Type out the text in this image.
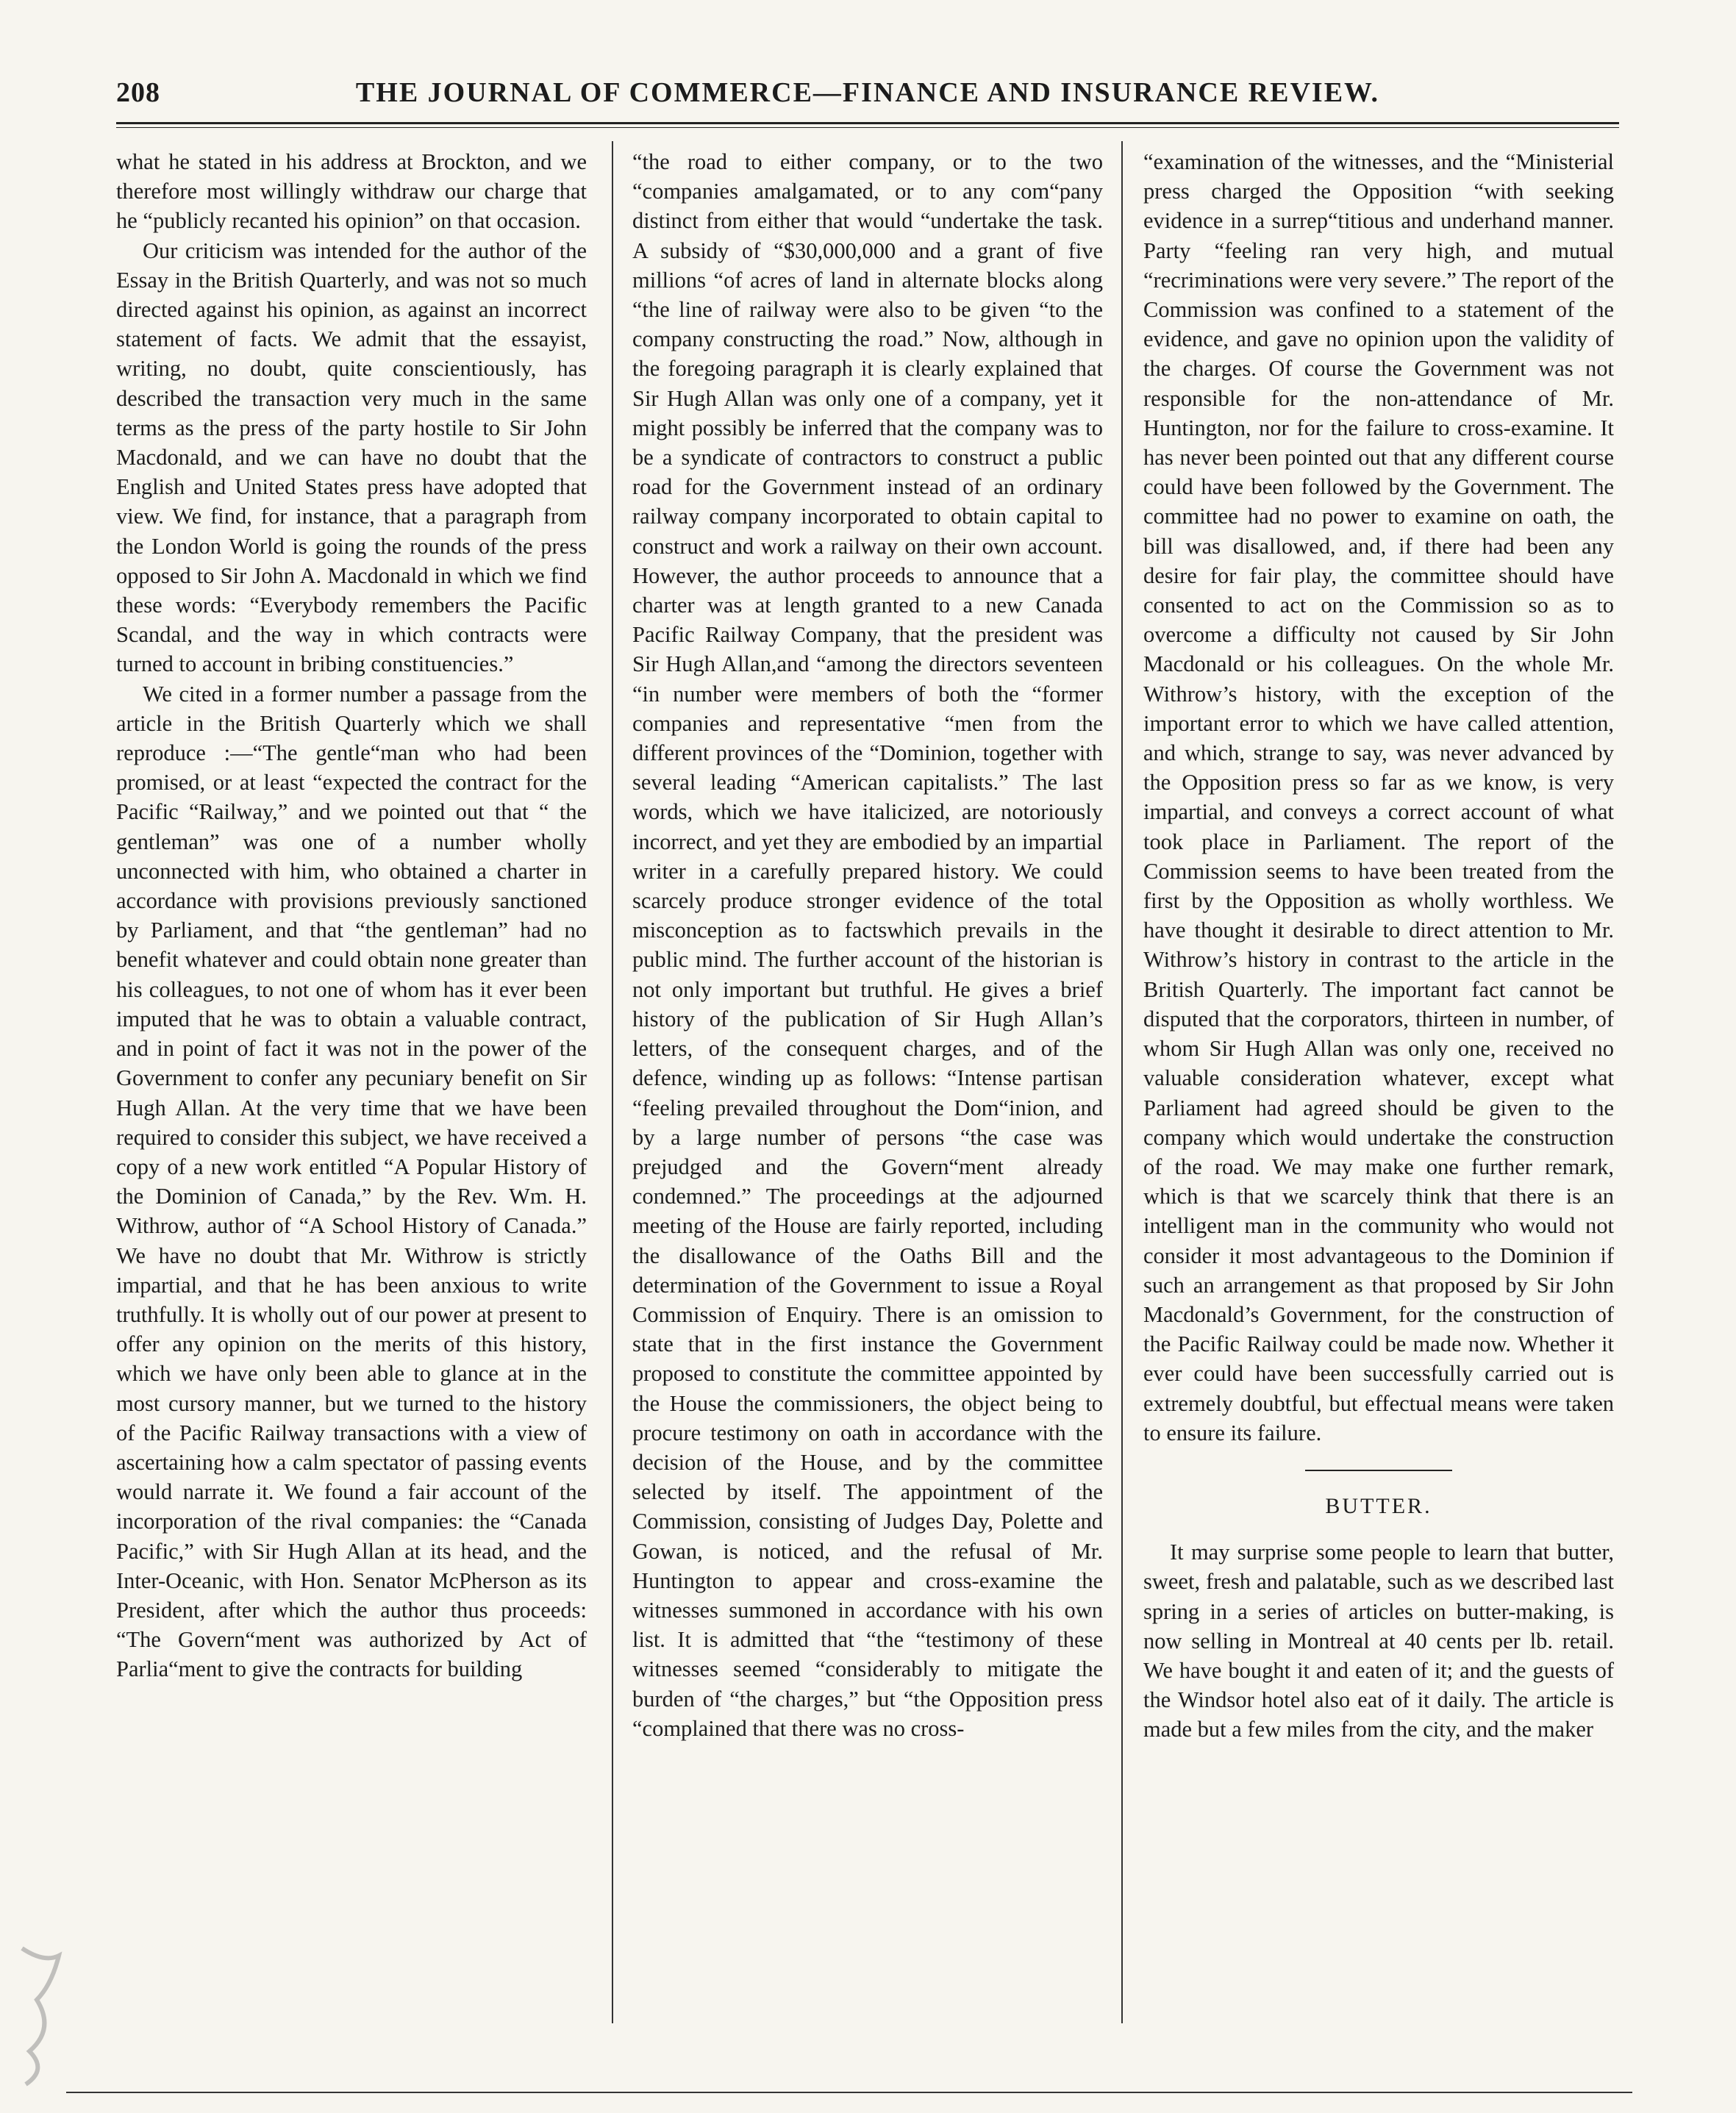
208	THE JOURNAL OF COMMERCE—FINANCE AND INSURANCE REVIEW.

what he stated in his address at Brockton, and we therefore most willingly withdraw our charge that he “publicly recanted his opinion” on that occasion.

Our criticism was intended for the author of the Essay in the British Quarterly, and was not so much directed against his opinion, as against an incorrect statement of facts. We admit that the essayist, writing, no doubt, quite conscientiously, has described the transaction very much in the same terms as the press of the party hostile to Sir John Macdonald, and we can have no doubt that the English and United States press have adopted that view. We find, for instance, that a paragraph from the London World is going the rounds of the press opposed to Sir John A. Macdonald in which we find these words: “Everybody remembers the Pacific Scandal, and the way in which contracts were turned to account in bribing constituencies.”

We cited in a former number a passage from the article in the British Quarterly which we shall reproduce :—“The gentle“man who had been promised, or at least “expected the contract for the Pacific “Railway,” and we pointed out that “ the gentleman” was one of a number wholly unconnected with him, who obtained a charter in accordance with provisions previously sanctioned by Parliament, and that “the gentleman” had no benefit whatever and could obtain none greater than his colleagues, to not one of whom has it ever been imputed that he was to obtain a valuable contract, and in point of fact it was not in the power of the Government to confer any pecuniary benefit on Sir Hugh Allan. At the very time that we have been required to consider this subject, we have received a copy of a new work entitled “A Popular History of the Dominion of Canada,” by the Rev. Wm. H. Withrow, author of “A School History of Canada.” We have no doubt that Mr. Withrow is strictly impartial, and that he has been anxious to write truthfully. It is wholly out of our power at present to offer any opinion on the merits of this history, which we have only been able to glance at in the most cursory manner, but we turned to the history of the Pacific Railway transactions with a view of ascertaining how a calm spectator of passing events would narrate it. We found a fair account of the incorporation of the rival companies: the “Canada Pacific,” with Sir Hugh Allan at its head, and the Inter-Oceanic, with Hon. Senator McPherson as its President, after which the author thus proceeds: “The Govern“ment was authorized by Act of Parlia“ment to give the contracts for building

“the road to either company, or to the two “companies amalgamated, or to any com“pany distinct from either that would “undertake the task. A subsidy of “$30,000,000 and a grant of five millions “of acres of land in alternate blocks along “the line of railway were also to be given “to the company constructing the road.” Now, although in the foregoing paragraph it is clearly explained that Sir Hugh Allan was only one of a company, yet it might possibly be inferred that the company was to be a syndicate of contractors to construct a public road for the Government instead of an ordinary railway company incorporated to obtain capital to construct and work a railway on their own account. However, the author proceeds to announce that a charter was at length granted to a new Canada Pacific Railway Company, that the president was Sir Hugh Allan,and “among the directors seventeen “in number were members of both the “former companies and representative “men from the different provinces of the “Dominion, together with several leading “American capitalists.” The last words, which we have italicized, are notoriously incorrect, and yet they are embodied by an impartial writer in a carefully prepared history. We could scarcely produce stronger evidence of the total misconception as to factswhich prevails in the public mind. The further account of the historian is not only important but truthful. He gives a brief history of the publication of Sir Hugh Allan’s letters, of the consequent charges, and of the defence, winding up as follows: “Intense partisan “feeling prevailed throughout the Dom“inion, and by a large number of persons “the case was prejudged and the Govern“ment already condemned.” The proceedings at the adjourned meeting of the House are fairly reported, including the disallowance of the Oaths Bill and the determination of the Government to issue a Royal Commission of Enquiry. There is an omission to state that in the first instance the Government proposed to constitute the committee appointed by the House the commissioners, the object being to procure testimony on oath in accordance with the decision of the House, and by the committee selected by itself. The appointment of the Commission, consisting of Judges Day, Polette and Gowan, is noticed, and the refusal of Mr. Huntington to appear and cross-examine the witnesses summoned in accordance with his own list. It is admitted that “the “testimony of these witnesses seemed “considerably to mitigate the burden of “the charges,” but “the Opposition press “complained that there was no cross-

“examination of the witnesses, and the “Ministerial press charged the Opposition “with seeking evidence in a surrep“titious and underhand manner. Party “feeling ran very high, and mutual “recriminations were very severe.” The report of the Commission was confined to a statement of the evidence, and gave no opinion upon the validity of the charges. Of course the Government was not responsible for the non-attendance of Mr. Huntington, nor for the failure to cross-examine. It has never been pointed out that any different course could have been followed by the Government. The committee had no power to examine on oath, the bill was disallowed, and, if there had been any desire for fair play, the committee should have consented to act on the Commission so as to overcome a difficulty not caused by Sir John Macdonald or his colleagues. On the whole Mr. Withrow’s history, with the exception of the important error to which we have called attention, and which, strange to say, was never advanced by the Opposition press so far as we know, is very impartial, and conveys a correct account of what took place in Parliament. The report of the Commission seems to have been treated from the first by the Opposition as wholly worthless. We have thought it desirable to direct attention to Mr. Withrow’s history in contrast to the article in the British Quarterly. The important fact cannot be disputed that the corporators, thirteen in number, of whom Sir Hugh Allan was only one, received no valuable consideration whatever, except what Parliament had agreed should be given to the company which would undertake the construction of the road. We may make one further remark, which is that we scarcely think that there is an intelligent man in the community who would not consider it most advantageous to the Dominion if such an arrangement as that proposed by Sir John Macdonald’s Government, for the construction of the Pacific Railway could be made now. Whether it ever could have been successfully carried out is extremely doubtful, but effectual means were taken to ensure its failure.

BUTTER.

It may surprise some people to learn that butter, sweet, fresh and palatable, such as we described last spring in a series of articles on butter-making, is now selling in Montreal at 40 cents per lb. retail. We have bought it and eaten of it; and the guests of the Windsor hotel also eat of it daily. The article is made but a few miles from the city, and the maker
